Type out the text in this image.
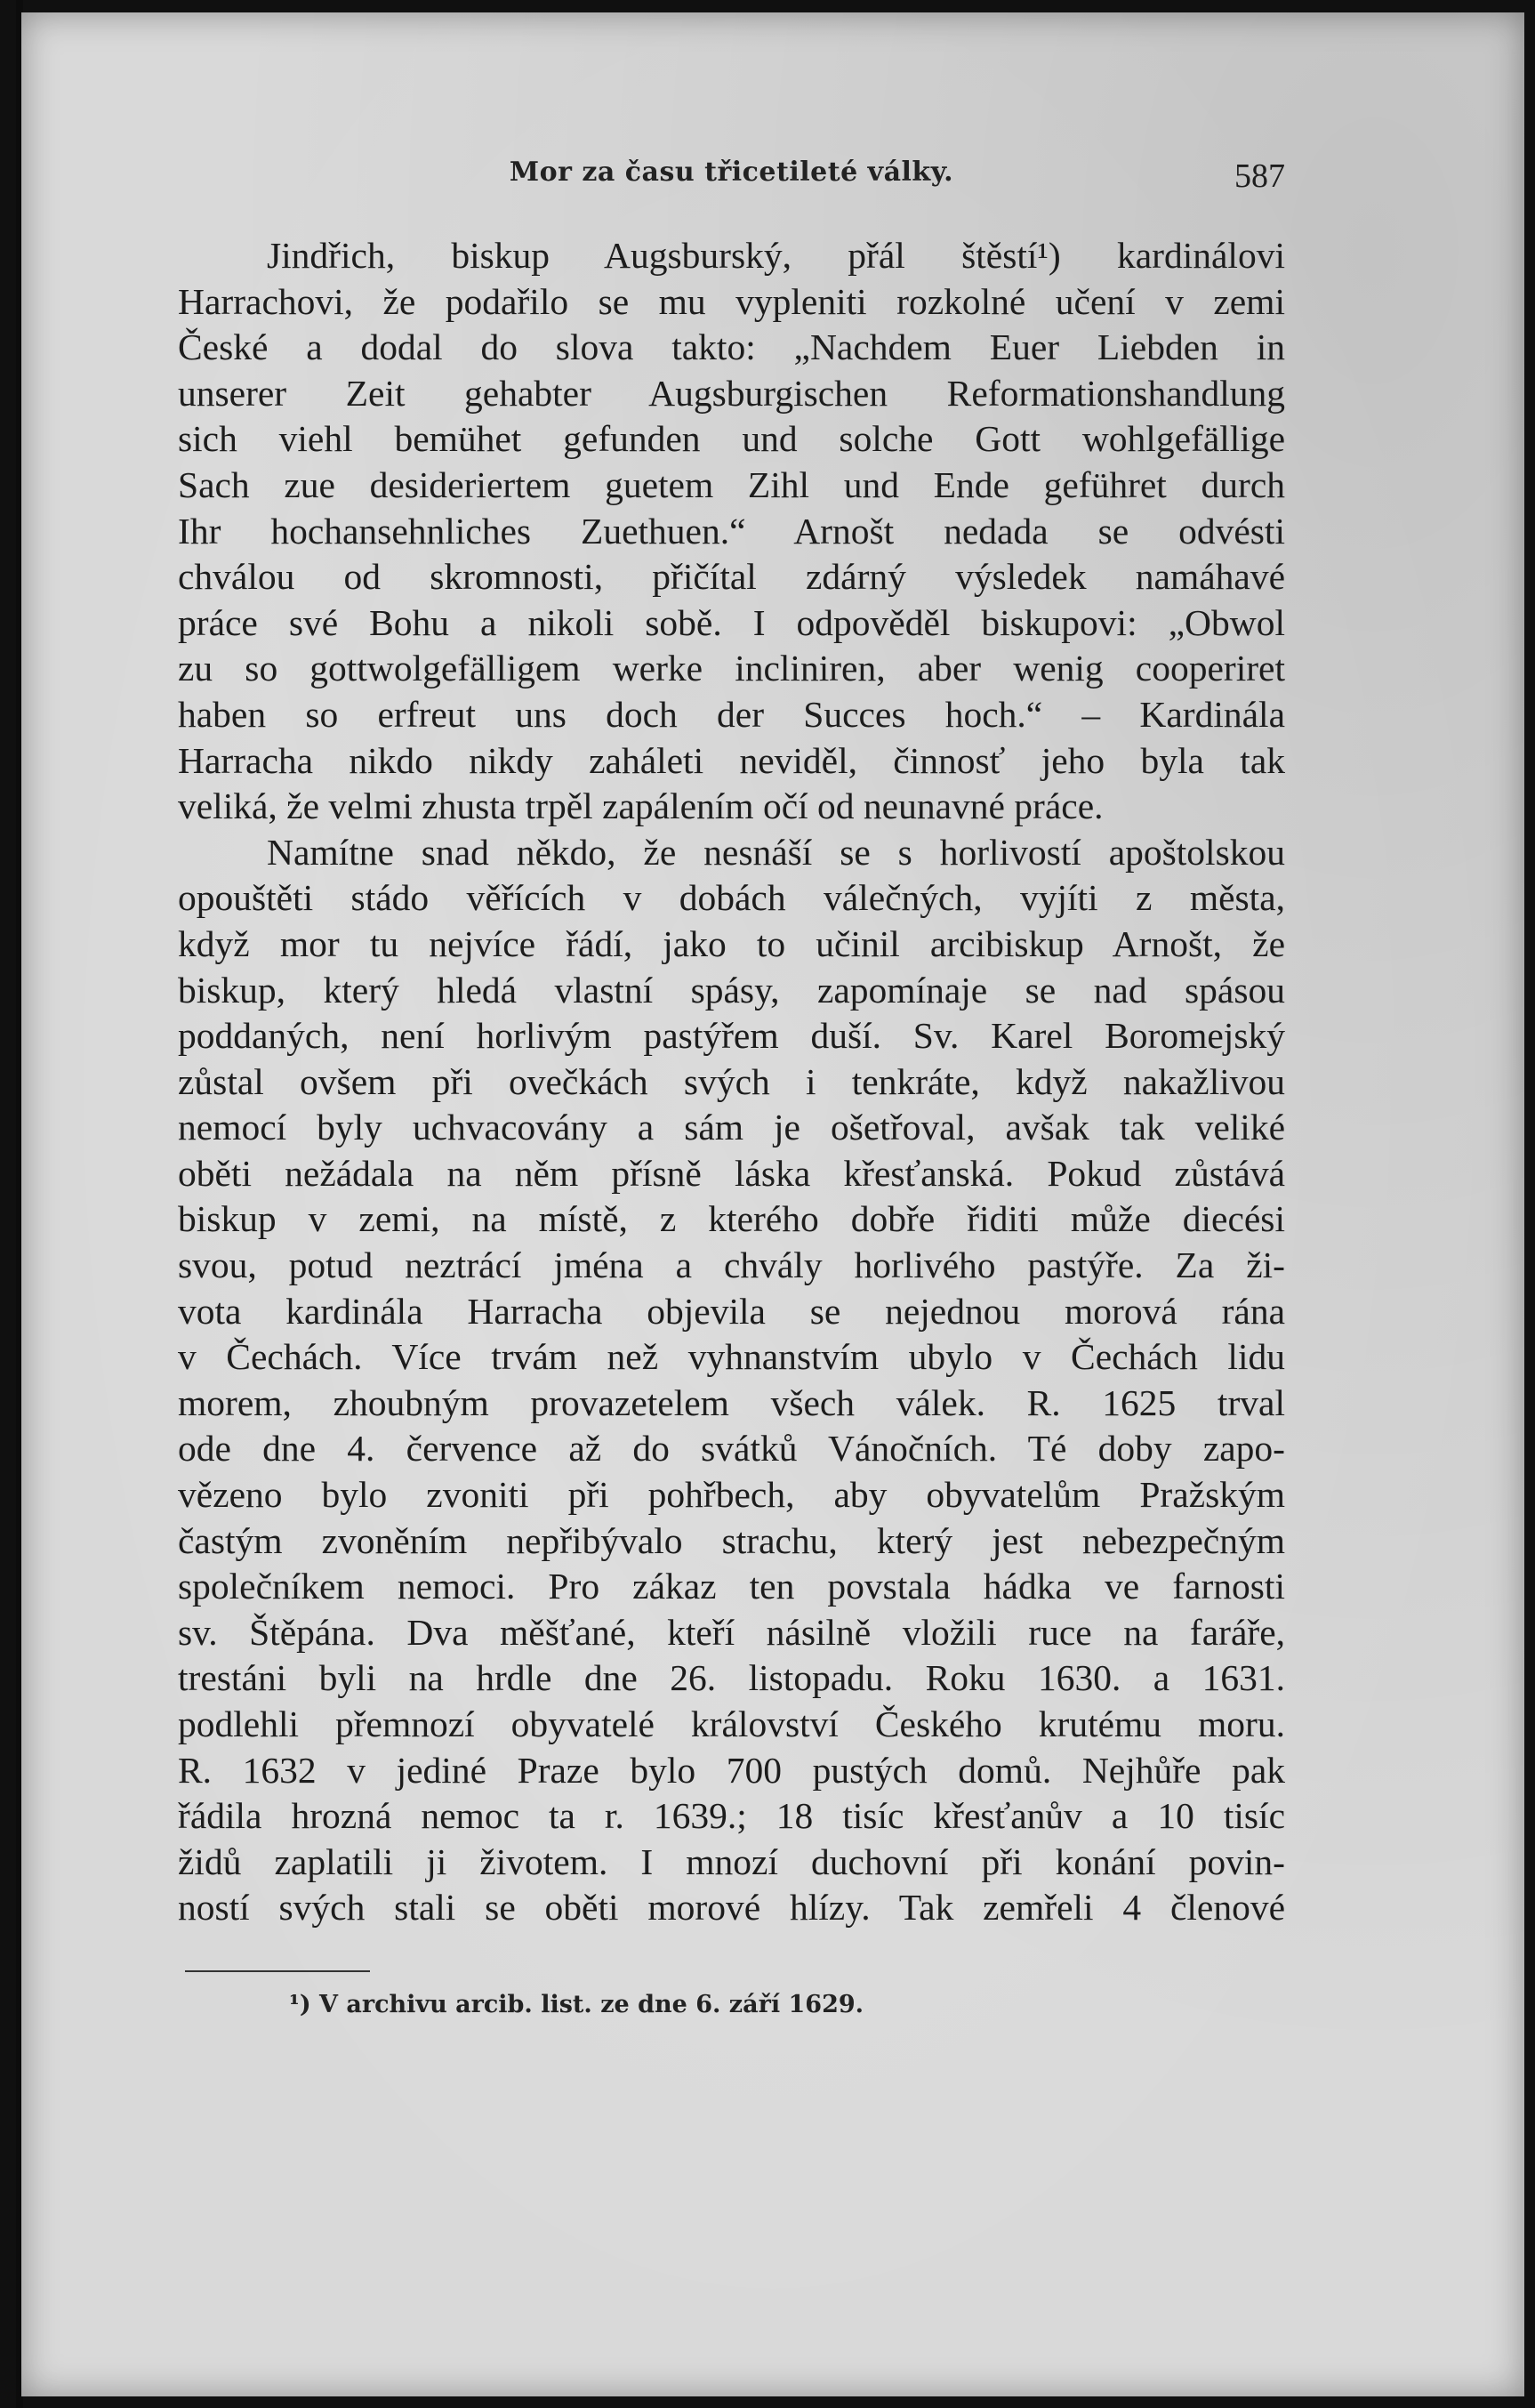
Mor za času třicetileté války.	587
Jindřich, biskup Augsburský, přál štěstí¹) kardinálovi
Harrachovi, že podařilo se mu vypleniti rozkolné učení v zemi
České a dodal do slova takto: „Nachdem Euer Liebden in
unserer Zeit gehabter Augsburgischen Reformationshandlung
sich viehl bemühet gefunden und solche Gott wohlgefällige
Sach zue desideriertem guetem Zihl und Ende geführet durch
Ihr hochansehnliches Zuethuen.“ Arnošt nedada se odvésti
chválou od skromnosti, přičítal zdárný výsledek namáhavé
práce své Bohu a nikoli sobě. I odpověděl biskupovi: „Obwol
zu so gottwolgefälligem werke incliniren, aber wenig cooperiret
haben so erfreut uns doch der Succes hoch.“ – Kardinála
Harracha nikdo nikdy zaháleti neviděl, činnosť jeho byla tak
veliká, že velmi zhusta trpěl zapálením očí od neunavné práce.
Namítne snad někdo, že nesnáší se s horlivostí apoštolskou
opouštěti stádo věřících v dobách válečných, vyjíti z města,
když mor tu nejvíce řádí, jako to učinil arcibiskup Arnošt, že
biskup, který hledá vlastní spásy, zapomínaje se nad spásou
poddaných, není horlivým pastýřem duší. Sv. Karel Boromejský
zůstal ovšem při ovečkách svých i tenkráte, když nakažlivou
nemocí byly uchvacovány a sám je ošetřoval, avšak tak veliké
oběti nežádala na něm přísně láska křesťanská. Pokud zůstává
biskup v zemi, na místě, z kterého dobře řiditi může diecési
svou, potud neztrácí jména a chvály horlivého pastýře. Za ži-
vota kardinála Harracha objevila se nejednou morová rána
v Čechách. Více trvám než vyhnanstvím ubylo v Čechách lidu
morem, zhoubným provazetelem všech válek. R. 1625 trval
ode dne 4. července až do svátků Vánočních. Té doby zapo-
vězeno bylo zvoniti při pohřbech, aby obyvatelům Pražským
častým zvoněním nepřibývalo strachu, který jest nebezpečným
společníkem nemoci. Pro zákaz ten povstala hádka ve farnosti
sv. Štěpána. Dva měšťané, kteří násilně vložili ruce na faráře,
trestáni byli na hrdle dne 26. listopadu. Roku 1630. a 1631.
podlehli přemnozí obyvatelé království Českého krutému moru.
R. 1632 v jediné Praze bylo 700 pustých domů. Nejhůře pak
řádila hrozná nemoc ta r. 1639.; 18 tisíc křesťanův a 10 tisíc
židů zaplatili ji životem. I mnozí duchovní při konání povin-
ností svých stali se oběti morové hlízy. Tak zemřeli 4 členové
¹) V archivu arcib. list. ze dne 6. září 1629.
